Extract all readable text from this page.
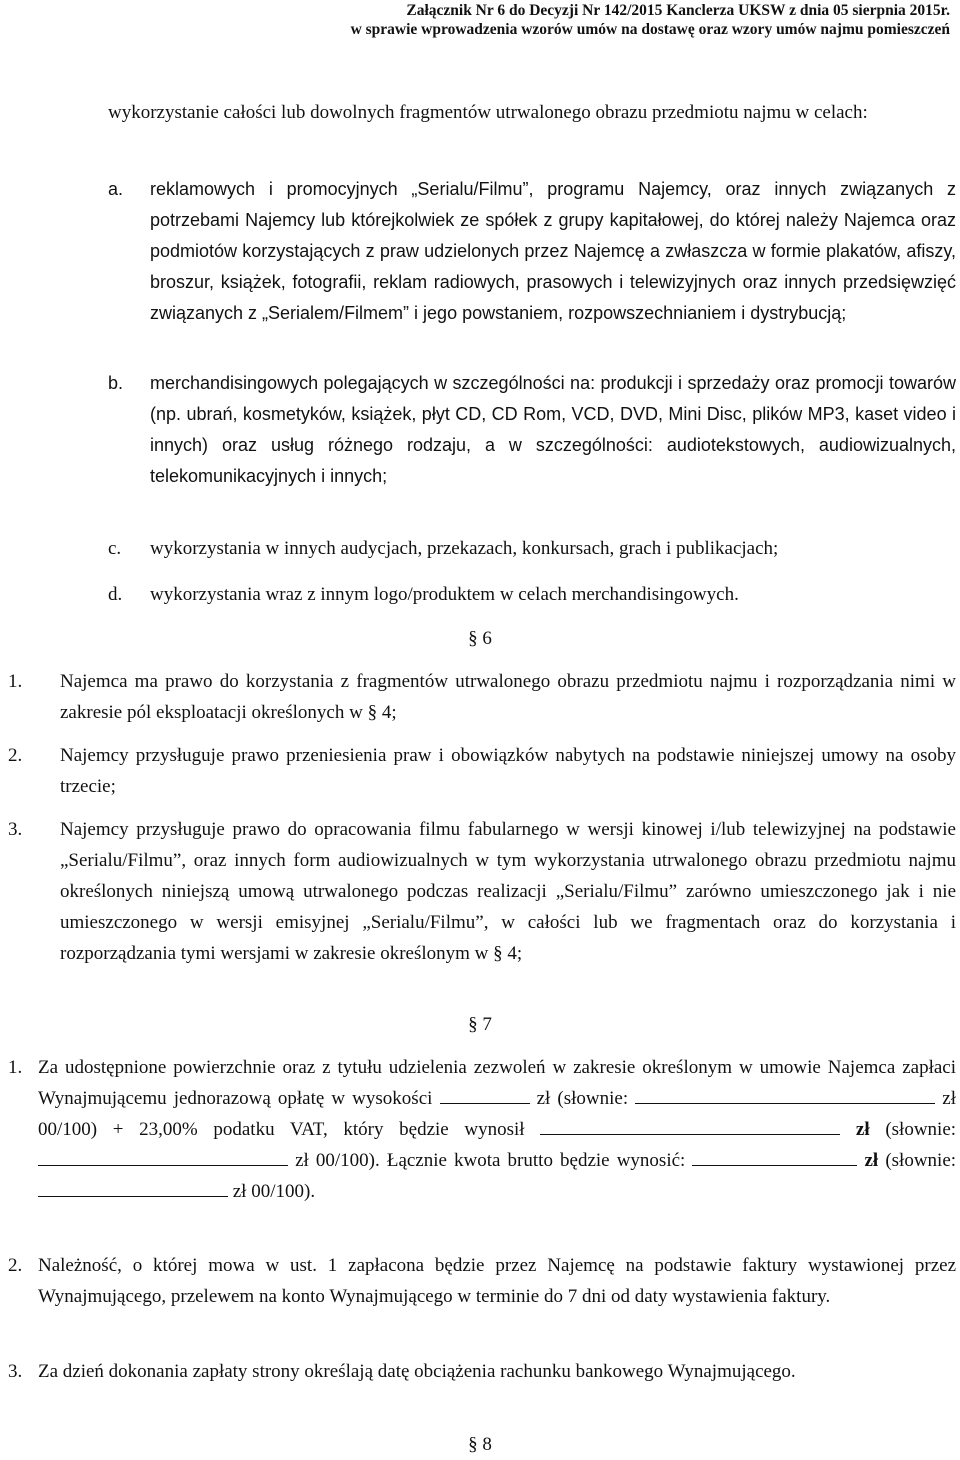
Załącznik Nr 6 do Decyzji Nr 142/2015 Kanclerza UKSW z dnia 05 sierpnia 2015r.
w sprawie wprowadzenia wzorów umów na dostawę oraz wzory umów najmu pomieszczeń
wykorzystanie całości lub dowolnych fragmentów utrwalonego obrazu przedmiotu najmu w celach:
a. reklamowych i promocyjnych „Serialu/Filmu”, programu Najemcy, oraz innych związanych z potrzebami Najemcy lub którejkolwiek ze spółek z grupy kapitałowej, do której należy Najemca oraz podmiotów korzystających z praw udzielonych przez Najemcę a zwłaszcza w formie plakatów, afiszy, broszur, książek, fotografii, reklam radiowych, prasowych i telewizyjnych oraz innych przedsięwzięć związanych z „Serialem/Filmem” i jego powstaniem, rozpowszechnianiem i dystrybucją;
b. merchandisingowych polegających w szczególności na: produkcji i sprzedaży oraz promocji towarów (np. ubrań, kosmetyków, książek, płyt CD, CD Rom, VCD, DVD, Mini Disc, plików MP3, kaset video i innych) oraz usług różnego rodzaju, a w szczególności: audiotekstowych, audiowizualnych, telekomunikacyjnych i innych;
c. wykorzystania w innych audycjach, przekazach, konkursach, grach i publikacjach;
d. wykorzystania wraz z innym logo/produktem w celach merchandisingowych.
§ 6
1. Najemca ma prawo do korzystania z fragmentów utrwalonego obrazu przedmiotu najmu i rozporządzania nimi w zakresie pól eksploatacji określonych w § 4;
2. Najemcy przysługuje prawo przeniesienia praw i obowiązków nabytych na podstawie niniejszej umowy na osoby trzecie;
3. Najemcy przysługuje prawo do opracowania filmu fabularnego w wersji kinowej i/lub telewizyjnej na podstawie „Serialu/Filmu”, oraz innych form audiowizualnych w tym wykorzystania utrwalonego obrazu przedmiotu najmu określonych niniejszą umową utrwalonego podczas realizacji „Serialu/Filmu” zarówno umieszczonego jak i nie umieszczonego w wersji emisyjnej „Serialu/Filmu”, w całości lub we fragmentach oraz do korzystania i rozporządzania tymi wersjami w zakresie określonym w § 4;
§ 7
1. Za udostępnione powierzchnie oraz z tytułu udzielenia zezwoleń w zakresie określonym w umowie Najemca zapłaci Wynajmującemu jednorazową opłatę w wysokości	zł (słownie:	zł 00/100) + 23,00% podatku VAT, który będzie wynosił	zł (słownie:  zł 00/100). Łącznie kwota brutto będzie wynosić:	zł (słownie:  zł 00/100).
2. Należność, o której mowa w ust. 1 zapłacona będzie przez Najemcę na podstawie faktury wystawionej przez Wynajmującego, przelewem na konto Wynajmującego w terminie do 7 dni od daty wystawienia faktury.
3. Za dzień dokonania zapłaty strony określają datę obciążenia rachunku bankowego Wynajmującego.
§ 8
